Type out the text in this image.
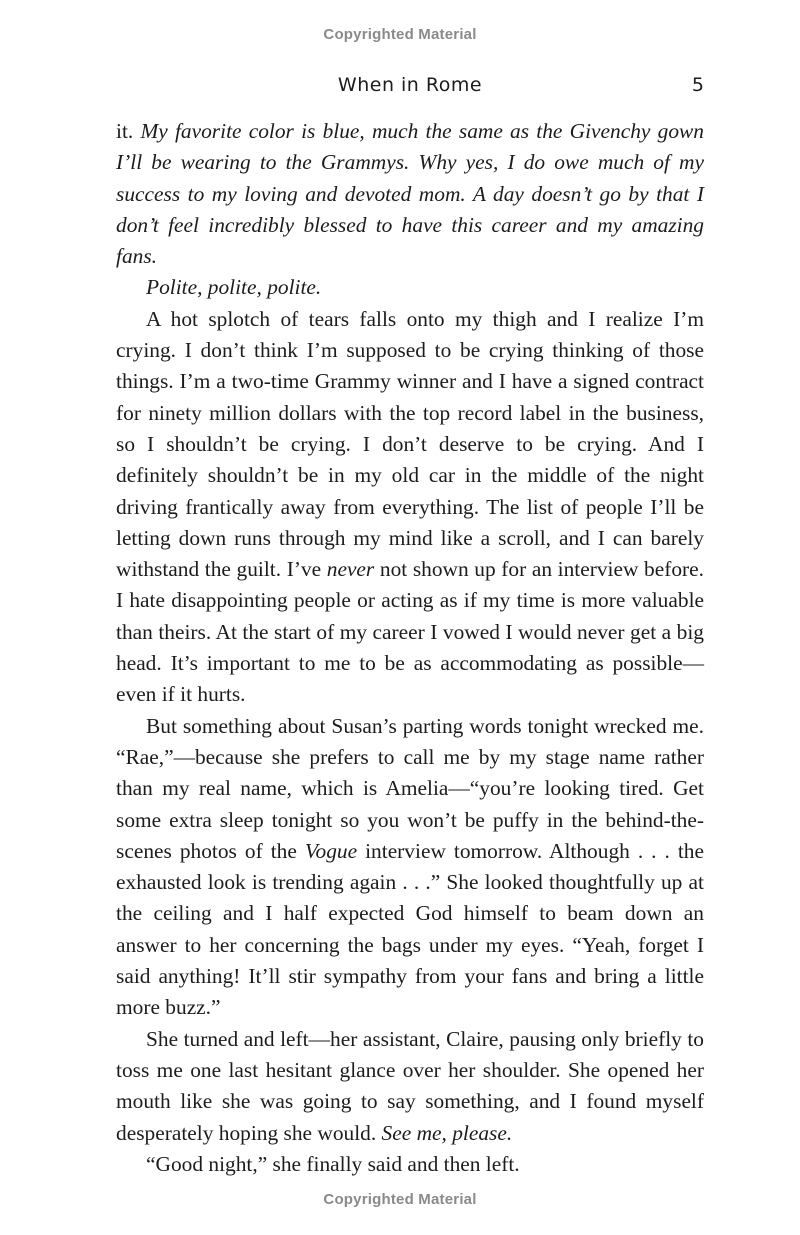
Copyrighted Material
When in Rome	5

it. My favorite color is blue, much the same as the Givenchy gown I’ll be wearing to the Grammys. Why yes, I do owe much of my success to my loving and devoted mom. A day doesn’t go by that I don’t feel incredibly blessed to have this career and my amazing fans.

Polite, polite, polite.

A hot splotch of tears falls onto my thigh and I realize I’m crying. I don’t think I’m supposed to be crying thinking of those things. I’m a two-time Grammy winner and I have a signed contract for ninety million dollars with the top record label in the business, so I shouldn’t be crying. I don’t deserve to be crying. And I definitely shouldn’t be in my old car in the middle of the night driving frantically away from everything. The list of people I’ll be letting down runs through my mind like a scroll, and I can barely withstand the guilt. I’ve never not shown up for an interview before. I hate disappointing people or acting as if my time is more valuable than theirs. At the start of my career I vowed I would never get a big head. It’s important to me to be as accommodating as possible—even if it hurts.

But something about Susan’s parting words tonight wrecked me. “Rae,”—because she prefers to call me by my stage name rather than my real name, which is Amelia—“you’re looking tired. Get some extra sleep tonight so you won’t be puffy in the behind-the-scenes photos of the Vogue interview tomorrow. Although . . . the exhausted look is trending again . . .” She looked thoughtfully up at the ceiling and I half expected God himself to beam down an answer to her concerning the bags under my eyes. “Yeah, forget I said anything! It’ll stir sympathy from your fans and bring a little more buzz.”

She turned and left—her assistant, Claire, pausing only briefly to toss me one last hesitant glance over her shoulder. She opened her mouth like she was going to say something, and I found myself desperately hoping she would. See me, please.

“Good night,” she finally said and then left.

Copyrighted Material
